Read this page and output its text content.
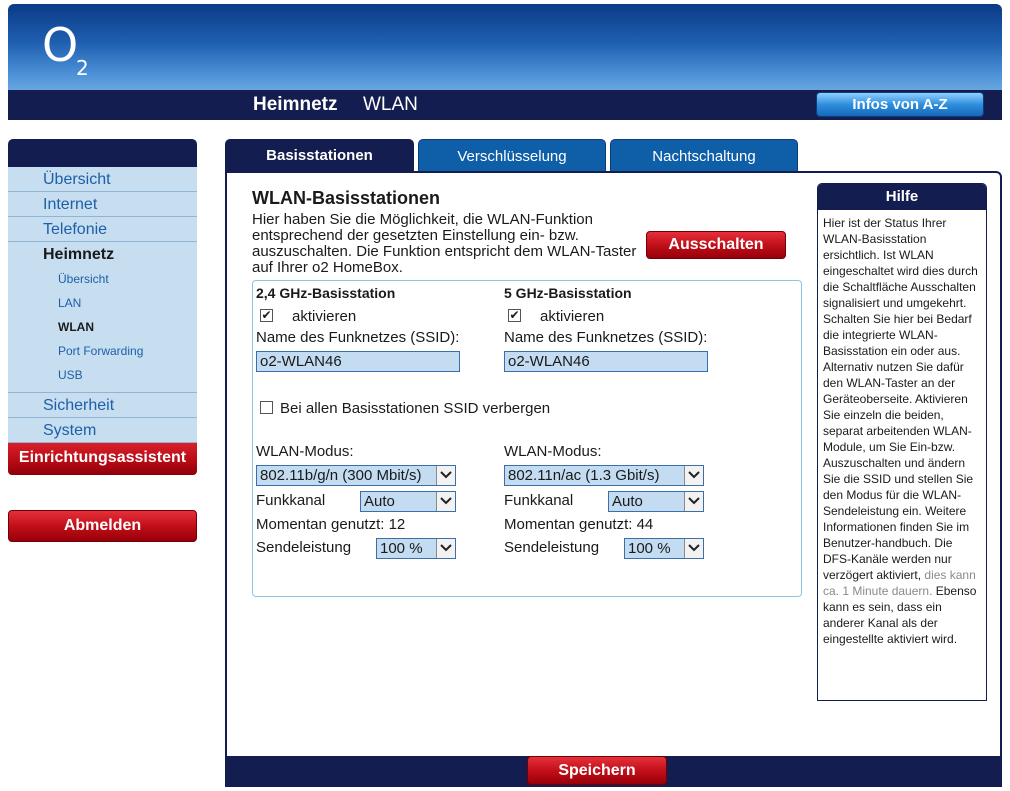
O
2
Heimnetz WLAN	Infos von A-Z
Übersicht
Internet
Telefonie
Heimnetz
Übersicht
LAN
WLAN
Port Forwarding
USB
Sicherheit
System
Einrichtungsassistent
Abmelden
Basisstationen	Verschlüsselung	Nachtschaltung
WLAN-Basisstationen
Hier haben Sie die Möglichkeit, die WLAN-Funktion entsprechend der gesetzten Einstellung ein- bzw. auszuschalten. Die Funktion entspricht dem WLAN-Taster auf Ihrer o2 HomeBox.
Ausschalten
2,4 GHz-Basisstation
✔ aktivieren
Name des Funknetzes (SSID):
o2-WLAN46
5 GHz-Basisstation
✔ aktivieren
Name des Funknetzes (SSID):
o2-WLAN46
Bei allen Basisstationen SSID verbergen
WLAN-Modus:
802.11b/g/n (300 Mbit/s)
Funkkanal	Auto
Momentan genutzt: 12
Sendeleistung 100 %
WLAN-Modus:
802.11n/ac (1.3 Gbit/s)
Funkkanal	Auto
Momentan genutzt: 44
Sendeleistung 100 %
Hilfe
Hier ist der Status Ihrer WLAN-Basisstation ersichtlich. Ist WLAN eingeschaltet wird dies durch die Schaltfläche Ausschalten signalisiert und umgekehrt. Schalten Sie hier bei Bedarf die integrierte WLAN-Basisstation ein oder aus. Alternativ nutzen Sie dafür den WLAN-Taster an der Geräteoberseite. Aktivieren Sie einzeln die beiden, separat arbeitenden WLAN-Module, um Sie Ein-bzw. Auszuschalten und ändern Sie die SSID und stellen Sie den Modus für die WLAN-Sendeleistung ein. Weitere Informationen finden Sie im Benutzer-handbuch. Die DFS-Kanäle werden nur verzögert aktiviert, dies kann ca. 1 Minute dauern. Ebenso kann es sein, dass ein anderer Kanal als der eingestellte aktiviert wird.
Speichern
